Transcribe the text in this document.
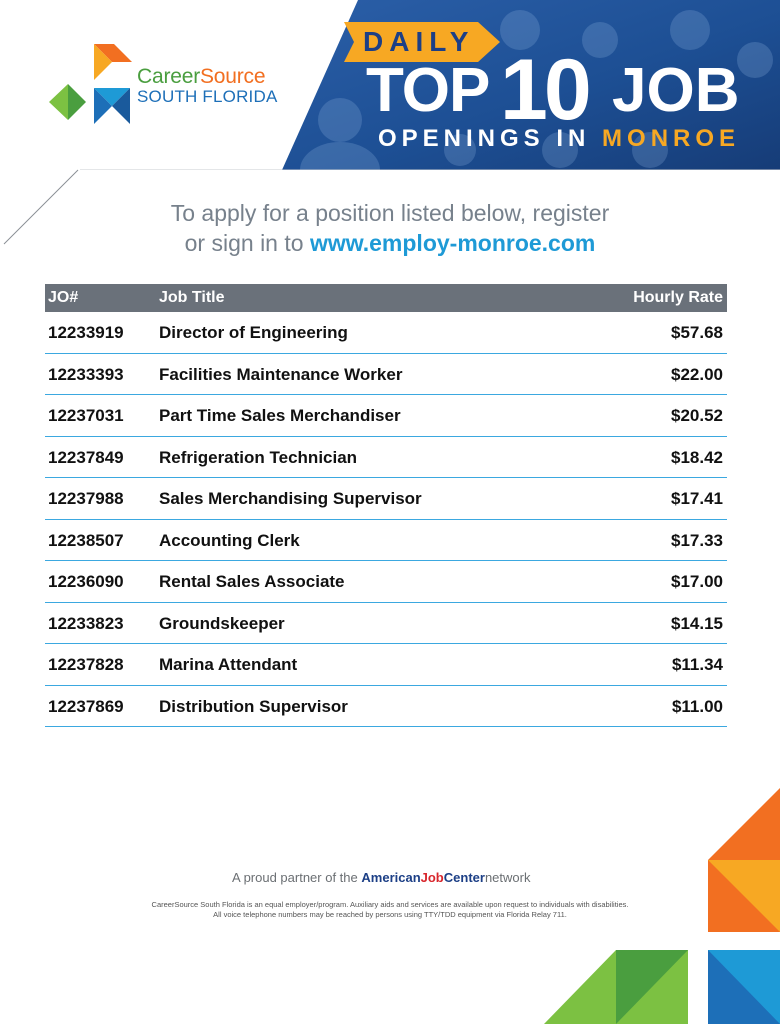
CareerSource
SOUTH FLORIDA
DAILY
TOP 10 JOB
OPENINGS IN MONROE
To apply for a position listed below, register
or sign in to www.employ-monroe.com
JO#	Job Title	Hourly Rate
12233919 Director of Engineering	$57.68
12233393 Facilities Maintenance Worker	$22.00
12237031 Part Time Sales Merchandiser	$20.52
12237849 Refrigeration Technician	$18.42
12237988 Sales Merchandising Supervisor	$17.41
12238507 Accounting Clerk	$17.33
12236090 Rental Sales Associate	$17.00
12233823 Groundskeeper	$14.15
12237828 Marina Attendant	$11.34
12237869 Distribution Supervisor	$11.00
A proud partner of the AmericanJobCenternetwork
CareerSource South Florida is an equal employer/program. Auxiliary aids and services are available upon request to individuals with disabilities.
All voice telephone numbers may be reached by persons using TTY/TDD equipment via Florida Relay 711.
